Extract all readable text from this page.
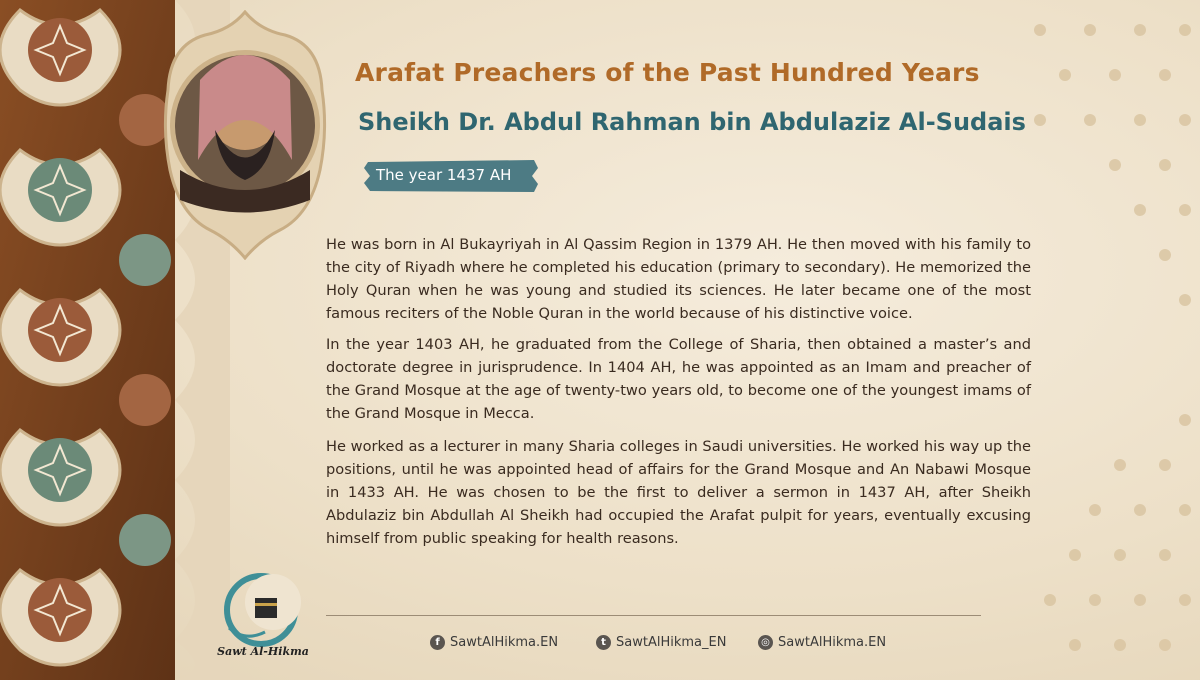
Arafat Preachers of the Past Hundred Years
Sheikh Dr. Abdul Rahman bin Abdulaziz Al-Sudais
The year 1437 AH

He was born in Al Bukayriyah in Al Qassim Region in 1379 AH. He then moved with his family to the city of Riyadh where he completed his education (primary to secondary). He memorized the Holy Quran when he was young and studied its sciences. He later became one of the most famous reciters of the Noble Quran in the world because of his distinctive voice.

In the year 1403 AH, he graduated from the College of Sharia, then obtained a master’s and doctorate degree in jurisprudence. In 1404 AH, he was appointed as an Imam and preacher of the Grand Mosque at the age of twenty-two years old, to become one of the youngest imams of the Grand Mosque in Mecca.

He worked as a lecturer in many Sharia colleges in Saudi universities. He worked his way up the positions, until he was appointed head of affairs for the Grand Mosque and An Nabawi Mosque in 1433 AH. He was chosen to be the first to deliver a sermon in 1437 AH, after Sheikh Abdulaziz bin Abdullah Al Sheikh had occupied the Arafat pulpit for years, eventually excusing himself from public speaking for health reasons.

f SawtAlHikma.EN	t SawtAlHikma_EN	◎ SawtAlHikma.EN
Sawt Al-Hikma
